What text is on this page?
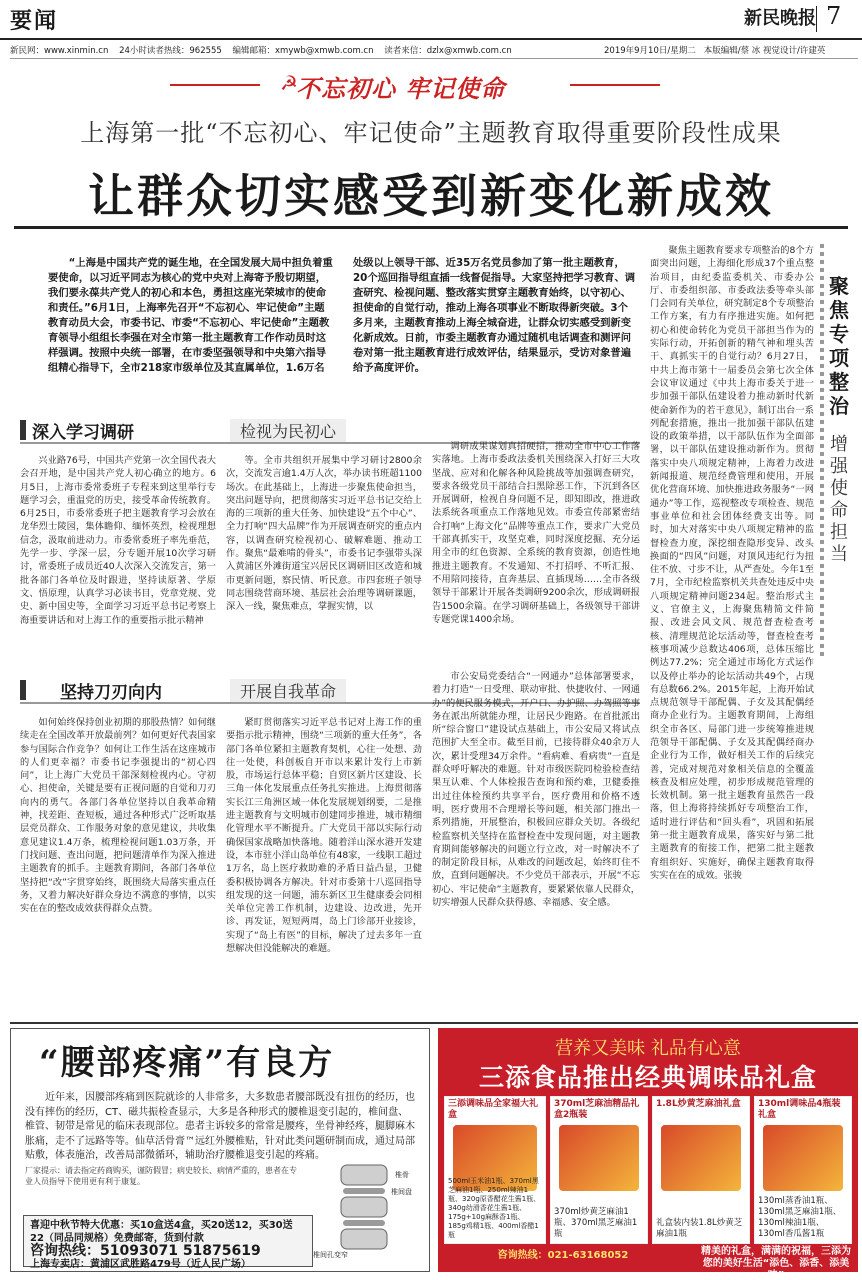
要闻	新民晚报 7
新民网：www.xinmin.cn 24小时读者热线：962555 编辑邮箱：xmywb@xmwb.com.cn 读者来信：dzlx@xmwb.com.cn	2019年9月10日/星期二 本版编辑/蔡 冰 视觉设计/许建英
☭
不忘初心 牢记使命
上海第一批“不忘初心、牢记使命”主题教育取得重要阶段性成果
让群众切实感受到新变化新成效
“上海是中国共产党的诞生地，在全国发展大局中担负着重要使命，以习近平同志为核心的党中央对上海寄予殷切期望，我们要永葆共产党人的初心和本色，勇担这座光荣城市的使命和责任。”6月1日，上海率先召开“不忘初心、牢记使命”主题教育动员大会，市委书记、市委“不忘初心、牢记使命”主题教育领导小组组长李强在对全市第一批主题教育工作作动员时这样强调。按照中央统一部署，在市委坚强领导和中央第六指导组精心指导下，全市218家市级单位及其直属单位，1.6万名处级以上领导干部、近35万名党员参加了第一批主题教育，20个巡回指导组直插一线督促指导。大家坚持把学习教育、调查研究、检视问题、整改落实贯穿主题教育始终，以守初心、担使命的自觉行动，推动上海各项事业不断取得新突破。3个多月来，主题教育推动上海全城奋进，让群众切实感受到新变化新成效。日前，市委主题教育办通过随机电话调查和测评问卷对第一批主题教育进行成效评估，结果显示，受访对象普遍给予高度评价。
深入学习调研	检视为民初心
兴业路76号，中国共产党第一次全国代表大会召开地，是中国共产党人初心确立的地方。6月5日，上海市委常委班子专程来到这里举行专题学习会，重温党的历史，接受革命传统教育。6月25日，市委常委班子把主题教育学习会放在龙华烈士陵园，集体瞻仰、缅怀英烈，检视理想信念，汲取前进动力。市委常委班子率先垂范，先学一步、学深一层，分专题开展10次学习研讨，常委班子成员近40人次深入交流发言，第一批各部门各单位及时跟进，坚持读原著、学原文、悟原理，认真学习必读书目，党章党规、党史、新中国史等，全面学习习近平总书记考察上海重要讲话和对上海工作的重要指示批示精神
等。全市共组织开展集中学习研讨2800余次，交流发言逾1.4万人次，举办读书班超1100场次。在此基础上，上海进一步聚焦使命担当，突出问题导向，把贯彻落实习近平总书记交给上海的三项新的重大任务、加快建设“五个中心”、全力打响“四大品牌”作为开展调查研究的重点内容，以调查研究检视初心、破解难题、推动工作。聚焦“最难啃的骨头”，市委书记李强带头深入黄浦区外滩街道宝兴居民区调研旧区改造和城市更新问题，察民情、听民意。市四套班子领导同志围绕营商环境、基层社会治理等调研课题，深入一线，聚焦难点，掌握实情，以
调研成果谋划真招硬招，推动全市中心工作落实落地。上海市委政法委机关围绕深入打好三大攻坚战、应对和化解各种风险挑战等加强调查研究，要求各级党员干部结合扫黑除恶工作，下沉到各区开展调研，检视自身问题不足，即知即改，推进政法系统各项重点工作落地见效。市委宣传部紧密结合打响“上海文化”品牌等重点工作，要求广大党员干部真抓实干，攻坚克难，同时深度挖掘、充分运用全市的红色资源、全系统的教育资源，创造性地推进主题教育。不发通知、不打招呼、不听汇报、不用陪同接待，直奔基层、直插现场……全市各级领导干部累计开展各类调研9200余次，形成调研报告1500余篇。在学习调研基础上，各级领导干部讲专题党课1400余场。
坚持刀刃向内	开展自我革命
如何始终保持创业初期的那股热情？如何继续走在全国改革开放最前列？如何更好代表国家参与国际合作竞争？如何让工作生活在这座城市的人们更幸福？市委书记李强提出的“初心四问”，让上海广大党员干部深刻检视内心。守初心、担使命，关键是要有正视问题的自觉和刀刃向内的勇气。各部门各单位坚持以自我革命精神，找差距、查短板，通过各种形式广泛听取基层党员群众、工作服务对象的意见建议，共收集意见建议1.4万条，梳理检视问题1.03万条，开门找问题、查出问题，把问题清单作为深入推进主题教育的抓手。主题教育期间，各部门各单位坚持把“改”字贯穿始终，既围绕大局落实重点任务，又着力解决好群众身边不满意的事情，以实实在在的整改成效获得群众点赞。
紧盯贯彻落实习近平总书记对上海工作的重要指示批示精神，围绕“三项新的重大任务”，各部门各单位紧扣主题教育契机，心往一处想、劲往一处使，科创板自开市以来累计发行上市新股，市场运行总体平稳；自贸区新片区建设、长三角一体化发展重点任务扎实推进。上海贯彻落实长江三角洲区域一体化发展规划纲要，二是推进主题教育与文明城市创建同步推进，城市精细化管理水平不断提升。广大党员干部以实际行动确保国家战略加快落地。随着洋山深水港开发建设，本市驻小洋山岛单位有48家，一线职工超过1万名，岛上医疗救助难的矛盾日益凸显，卫健委积极协调各方解决。针对市委第十八巡回指导组发现的这一问题，浦东新区卫生健康委会同相关单位完善工作机制，边建设、边改进，先开诊、再发证，短短两周，岛上门诊部开业接诊，实现了“岛上有医”的目标，解决了过去多年一直想解决但没能解决的难题。
市公安局党委结合“一网通办”总体部署要求，着力打造“一日受理、联动审批、快捷收付、一网通办”的便民服务模式，开户口、办护照、办驾照等事务在派出所就能办理，让居民少跑路。在首批派出所“综合窗口”建设试点基础上，市公安局又将试点范围扩大至全市。截至目前，已接待群众40余万人次，累计受理34万余件。“看病难、看病贵”一直是群众呼吁解决的难题。针对市级医院同检验检查结果互认难、个人体检报告查询和预约难，卫健委推出过往体检预约共享平台，医疗费用和价格不透明，医疗费用不合理增长等问题，相关部门推出一系列措施，开展整治，积极回应群众关切。各级纪检监察机关坚持在监督检查中发现问题，对主题教育期间能够解决的问题立行立改，对一时解决不了的制定阶段目标，从难改的问题改起，始终盯住不放，直到问题解决。不少党员干部表示，开展“不忘初心、牢记使命”主题教育，要紧紧依靠人民群众，切实增强人民群众获得感、幸福感、安全感。
聚焦主题教育要求专项整治的8个方面突出问题，上海细化形成37个重点整治项目，由纪委监委机关、市委办公厅、市委组织部、市委政法委等牵头部门会同有关单位，研究制定8个专项整治工作方案，有力有序推进实施。如何把初心和使命转化为党员干部担当作为的实际行动，开拓创新的精气神和埋头苦干、真抓实干的自觉行动？6月27日，中共上海市第十一届委员会第七次全体会议审议通过《中共上海市委关于进一步加强干部队伍建设着力推动新时代新使命新作为的若干意见》，制订出台一系列配套措施，推出一批加强干部队伍建设的政策举措，以干部队伍作为全面部署，以干部队伍建设推动新作为。贯彻落实中央八项规定精神，上海着力改进新闻报道、规范经费管理和使用，开展优化营商环境、加快推进政务服务“一网通办”等工作，巡视整改专项检查、规范事业单位和社会团体经费支出等。同时，加大对落实中央八项规定精神的监督检查力度，深挖细查隐形变异、改头换面的“四风”问题，对顶风违纪行为扭住不放、寸步不让，从严查处。今年1至7月，全市纪检监察机关共查处违反中央八项规定精神问题234起。整治形式主义、官僚主义，上海聚焦精简文件简报、改进会风文风、规范督查检查考核、清理规范论坛活动等，督查检查考核事项减少总数达406项，总体压缩比例达77.2%；完全通过市场化方式运作以及停止举办的论坛活动共49个，占现有总数66.2%。2015年起，上海开始试点规范领导干部配偶、子女及其配偶经商办企业行为。主题教育期间，上海组织全市各区、局部门进一步统筹推进规范领导干部配偶、子女及其配偶经商办企业行为工作，做好相关工作的后续完善，完成对规范对象相关信息的全覆盖核查及相应处理，初步形成规范管理的长效机制。第一批主题教育虽然告一段落，但上海将持续抓好专项整治工作，适时进行评估和“回头看”，巩固和拓展第一批主题教育成果，落实好与第二批主题教育的衔接工作，把第二批主题教育组织好、实施好，确保主题教育取得实实在在的成效。张骏
聚焦专项整治
增强使命担当
“腰部疼痛”有良方
近年来，因腰部疼痛到医院就诊的人非常多，大多数患者腰部既没有扭伤的经历，也没有摔伤的经历，CT、磁共振检查显示，大多是各种形式的腰椎退变引起的，椎间盘、椎管、韧带是常见的临床表现部位。患者主诉较多的常常是腰疼，坐骨神经疼，腿脚麻木胀痛，走不了远路等等。仙草活骨膏™远红外腰椎贴，针对此类问题研制而成，通过局部贴敷，体表施治，改善局部微循环，辅助治疗腰椎退变引起的疼痛。
厂家提示：请去指定药商购买，谨防假冒；病史较长、病情严重的，患者在专业人员指导下使用更有利于康复。
椎骨
椎间盘
椎间孔变窄
喜迎中秋节特大优惠：买10盒送4盒，买20送12，买30送22（同品同规格）免费邮寄，货到付款
咨询热线：51093071 51875619
上海专卖店：黄浦区武胜路479号（近人民广场）
营养又美味 礼品有心意
三添食品推出经典调味品礼盒
三添调味品全家福大礼盒
500ml玉米油1瓶、370ml黑芝麻油1瓶、250ml辣油1瓶、320g原香醋花生酱1瓶、340g幼滑香花生酱1瓶、175g+10g麻酥香1瓶、185g鸡精1瓶、400ml香醋1瓶
370ml芝麻油精品礼盒2瓶装
370ml炒黄芝麻油1瓶、370ml黑芝麻油1瓶
1.8L炒黄芝麻油礼盒
礼盒装内装1.8L炒黄芝麻油1瓶
130ml调味品4瓶装礼盒
130ml蒸香油1瓶、130ml黑芝麻油1瓶、130ml辣油1瓶、130ml香瓜酱1瓶
精美的礼盒，满满的祝福，三添为您的美好生活“添色、添香、添美味”
咨询热线：021-63168052
